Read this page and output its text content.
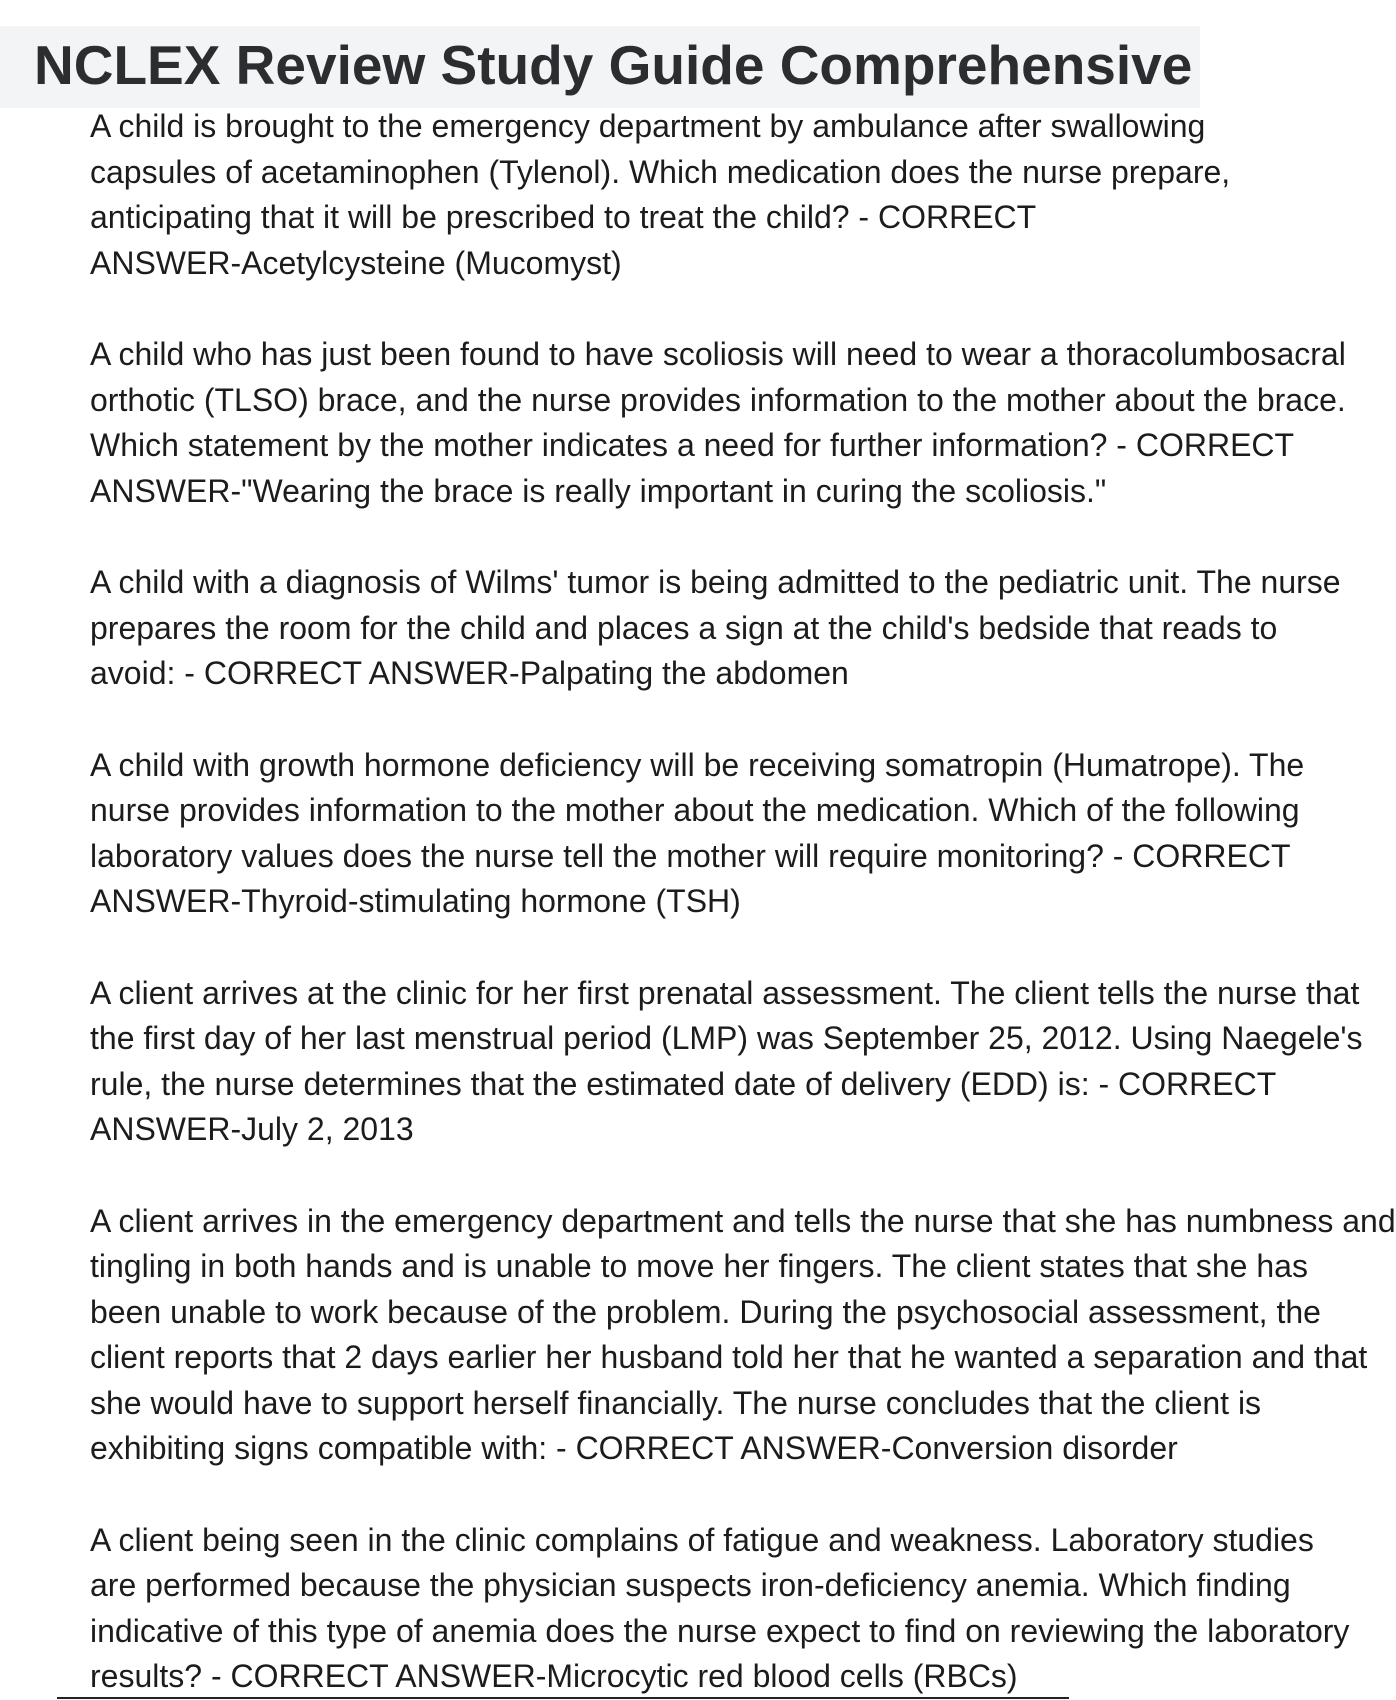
NCLEX Review Study Guide Comprehensive

A child is brought to the emergency department by ambulance after swallowing
capsules of acetaminophen (Tylenol). Which medication does the nurse prepare,
anticipating that it will be prescribed to treat the child? - CORRECT
ANSWER-Acetylcysteine (Mucomyst)

A child who has just been found to have scoliosis will need to wear a thoracolumbosacral
orthotic (TLSO) brace, and the nurse provides information to the mother about the brace.
Which statement by the mother indicates a need for further information? - CORRECT
ANSWER-"Wearing the brace is really important in curing the scoliosis."

A child with a diagnosis of Wilms' tumor is being admitted to the pediatric unit. The nurse
prepares the room for the child and places a sign at the child's bedside that reads to
avoid: - CORRECT ANSWER-Palpating the abdomen

A child with growth hormone deficiency will be receiving somatropin (Humatrope). The
nurse provides information to the mother about the medication. Which of the following
laboratory values does the nurse tell the mother will require monitoring? - CORRECT
ANSWER-Thyroid-stimulating hormone (TSH)

A client arrives at the clinic for her first prenatal assessment. The client tells the nurse that
the first day of her last menstrual period (LMP) was September 25, 2012. Using Naegele's
rule, the nurse determines that the estimated date of delivery (EDD) is: - CORRECT
ANSWER-July 2, 2013

A client arrives in the emergency department and tells the nurse that she has numbness and
tingling in both hands and is unable to move her fingers. The client states that she has
been unable to work because of the problem. During the psychosocial assessment, the
client reports that 2 days earlier her husband told her that he wanted a separation and that
she would have to support herself financially. The nurse concludes that the client is
exhibiting signs compatible with: - CORRECT ANSWER-Conversion disorder

A client being seen in the clinic complains of fatigue and weakness. Laboratory studies
are performed because the physician suspects iron-deficiency anemia. Which finding
indicative of this type of anemia does the nurse expect to find on reviewing the laboratory
results? - CORRECT ANSWER-Microcytic red blood cells (RBCs)
